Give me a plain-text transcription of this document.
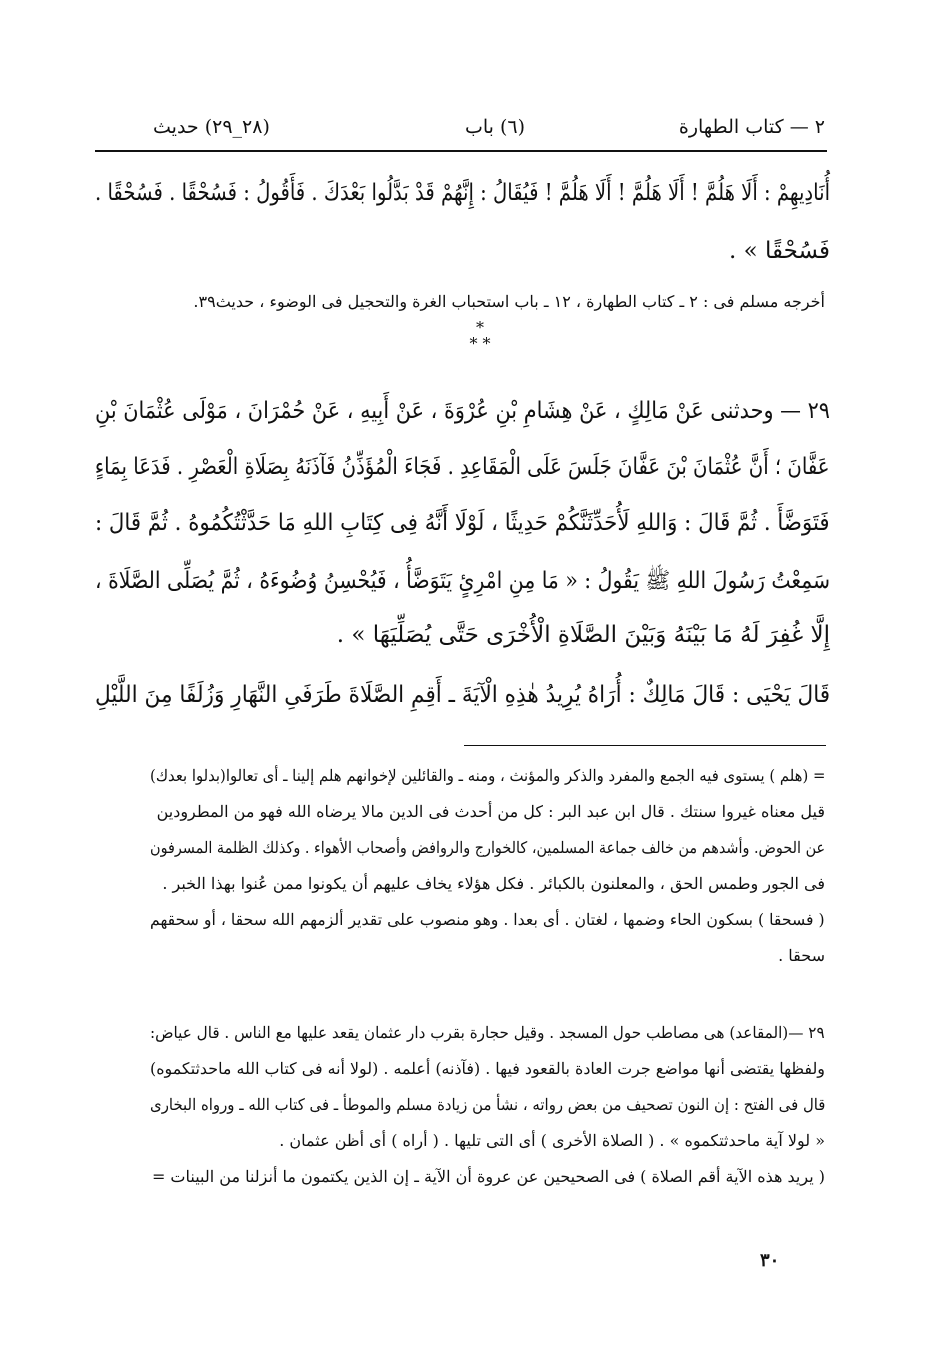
٢ — كتاب الطهارة
(٦) باب
(٢٨_٢٩) حديث
أُنَادِيهِمْ : أَلَا هَلُمَّ ! أَلَا هَلُمَّ ! أَلَا هَلُمَّ ! فَيُقَالُ : إِنَّهُمْ قَدْ بَدَّلُوا بَعْدَكَ . فَأَقُولُ : فَسُحْقًا . فَسُحْقًا .
فَسُحْقًا » .
أخرجه مسلم فى : ٢ ـ كتاب الطهارة ، ١٢ ـ باب استحباب الغرة والتحجيل فى الوضوء ، حديث٣٩.
*
* *
٢٩ — وحدثنى عَنْ مَالِكٍ ، عَنْ هِشَامِ بْنِ عُرْوَةَ ، عَنْ أَبِيهِ ، عَنْ حُمْرَانَ ، مَوْلَى عُثْمَانَ بْنِ
عَفَّانَ ؛ أَنَّ عُثْمَانَ بْنَ عَفَّانَ جَلَسَ عَلَى الْمَقَاعِدِ . فَجَاءَ الْمُؤَذِّنُ فَآذَنَهُ بِصَلَاةِ الْعَصْرِ . فَدَعَا بِمَاءٍ
فَتَوَضَّأَ . ثُمَّ قَالَ : وَاللهِ لَأُحَدِّثَنَّكُمْ حَدِيثًا ، لَوْلَا أَنَّهُ فِى كِتَابِ اللهِ مَا حَدَّثْتُكُمُوهُ . ثُمَّ قَالَ :
سَمِعْتُ رَسُولَ اللهِ ﷺ يَقُولُ : « مَا مِنِ امْرِئٍ يَتَوَضَّأُ ، فَيُحْسِنُ وُضُوءَهُ ، ثُمَّ يُصَلِّى الصَّلَاةَ ،
إِلَّا غُفِرَ لَهُ مَا بَيْنَهُ وَبَيْنَ الصَّلَاةِ الْأُخْرَى حَتَّى يُصَلِّيَهَا » .
قَالَ يَحْيَى : قَالَ مَالِكٌ : أُرَاهُ يُرِيدُ هٰذِهِ الْآيَةَ ـ أَقِمِ الصَّلَاةَ طَرَفَىِ النَّهَارِ وَزُلَفًا مِنَ اللَّيْلِ
= (هلم ) يستوى فيه الجمع والمفرد والذكر والمؤنث ، ومنه ـ والقائلين لإخوانهم هلم إلينا ـ أى تعالوا(بدلوا بعدك)
قيل معناه غيروا سنتك . قال ابن عبد البر : كل من أحدث فى الدين مالا يرضاه الله فهو من المطرودين
عن الحوض. وأشدهم من خالف جماعة المسلمين، كالخوارج والروافض وأصحاب الأهواء . وكذلك الظلمة المسرفون
فى الجور وطمس الحق ، والمعلنون بالكبائر . فكل هؤلاء يخاف عليهم أن يكونوا ممن عُنوا بهذا الخبر .
( فسحقا ) بسكون الحاء وضمها ، لغتان . أى بعدا . وهو منصوب على تقدير ألزمهم الله سحقا ، أو سحقهم
سحقا .
٢٩ —(المقاعد) هى مصاطب حول المسجد . وقيل حجارة بقرب دار عثمان يقعد عليها مع الناس . قال عياض:
ولفظها يقتضى أنها مواضع جرت العادة بالقعود فيها . (فآذنه) أعلمه . (لولا أنه فى كتاب الله ماحدثتكموه)
قال فى الفتح : إن النون تصحيف من بعض رواته ، نشأ من زيادة مسلم والموطأ ـ فى كتاب الله ـ ورواه البخارى
« لولا آية ماحدثتكموه » . ( الصلاة الأخرى ) أى التى تليها . ( أراه ) أى أظن عثمان .
( يريد هذه الآية أقم الصلاة ) فى الصحيحين عن عروة أن الآية ـ إن الذين يكتمون ما أنزلنا من البينات =
٣٠
